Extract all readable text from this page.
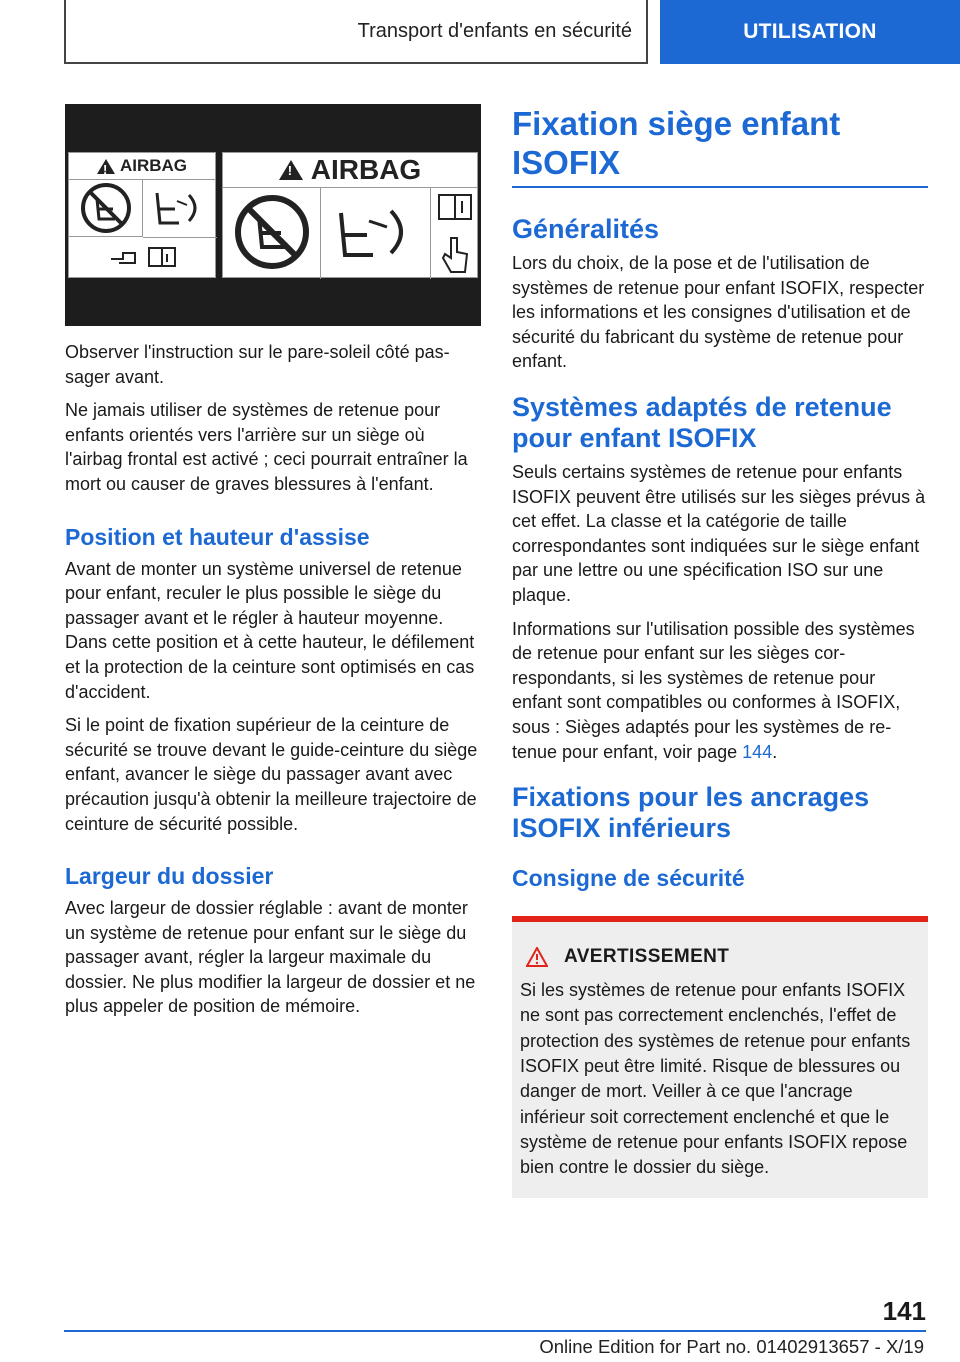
Transport d'enfants en sécurité	UTILISATION
!
AIRBAG
!	AIRBAG

Observer l'instruction sur le pare-soleil côté passager avant.

Ne jamais utiliser de systèmes de retenue pour enfants orientés vers l'arrière sur un siège où l'airbag frontal est activé ; ceci pourrait entraîner la mort ou causer de graves blessures à l'enfant.

Position et hauteur d'assise

Avant de monter un système universel de retenue pour enfant, reculer le plus possible le siège du passager avant et le régler à hauteur moyenne. Dans cette position et à cette hauteur, le défilement et la protection de la ceinture sont optimisés en cas d'accident.

Si le point de fixation supérieur de la ceinture de sécurité se trouve devant le guide-ceinture du siège enfant, avancer le siège du passager avant avec précaution jusqu'à obtenir la meilleure trajectoire de ceinture de sécurité possible.

Largeur du dossier

Avec largeur de dossier réglable : avant de monter un système de retenue pour enfant sur le siège du passager avant, régler la largeur maximale du dossier. Ne plus modifier la largeur de dossier et ne plus appeler de position de mémoire.

Fixation siège enfant ISOFIX
Généralités

Lors du choix, de la pose et de l'utilisation de systèmes de retenue pour enfant ISOFIX, respecter les informations et les consignes d'utilisation et de sécurité du fabricant du système de retenue pour enfant.

Systèmes adaptés de retenue pour enfant ISOFIX

Seuls certains systèmes de retenue pour enfants ISOFIX peuvent être utilisés sur les sièges prévus à cet effet. La classe et la catégorie de taille correspondantes sont indiquées sur le siège enfant par une lettre ou une spécification ISO sur une plaque.

Informations sur l'utilisation possible des systèmes de retenue pour enfant sur les sièges correspondants, si les systèmes de retenue pour enfant sont compatibles ou conformes à ISOFIX, sous : Sièges adaptés pour les systèmes de retenue pour enfant, voir page 144.

Fixations pour les ancrages ISOFIX inférieurs
Consigne de sécurité
AVERTISSEMENT

Si les systèmes de retenue pour enfants ISOFIX ne sont pas correctement enclenchés, l'effet de protection des systèmes de retenue pour enfants ISOFIX peut être limité. Risque de blessures ou danger de mort. Veiller à ce que l'ancrage inférieur soit correctement enclenché et que le système de retenue pour enfants ISOFIX repose bien contre le dossier du siège.

141
Online Edition for Part no. 01402913657 - X/19
